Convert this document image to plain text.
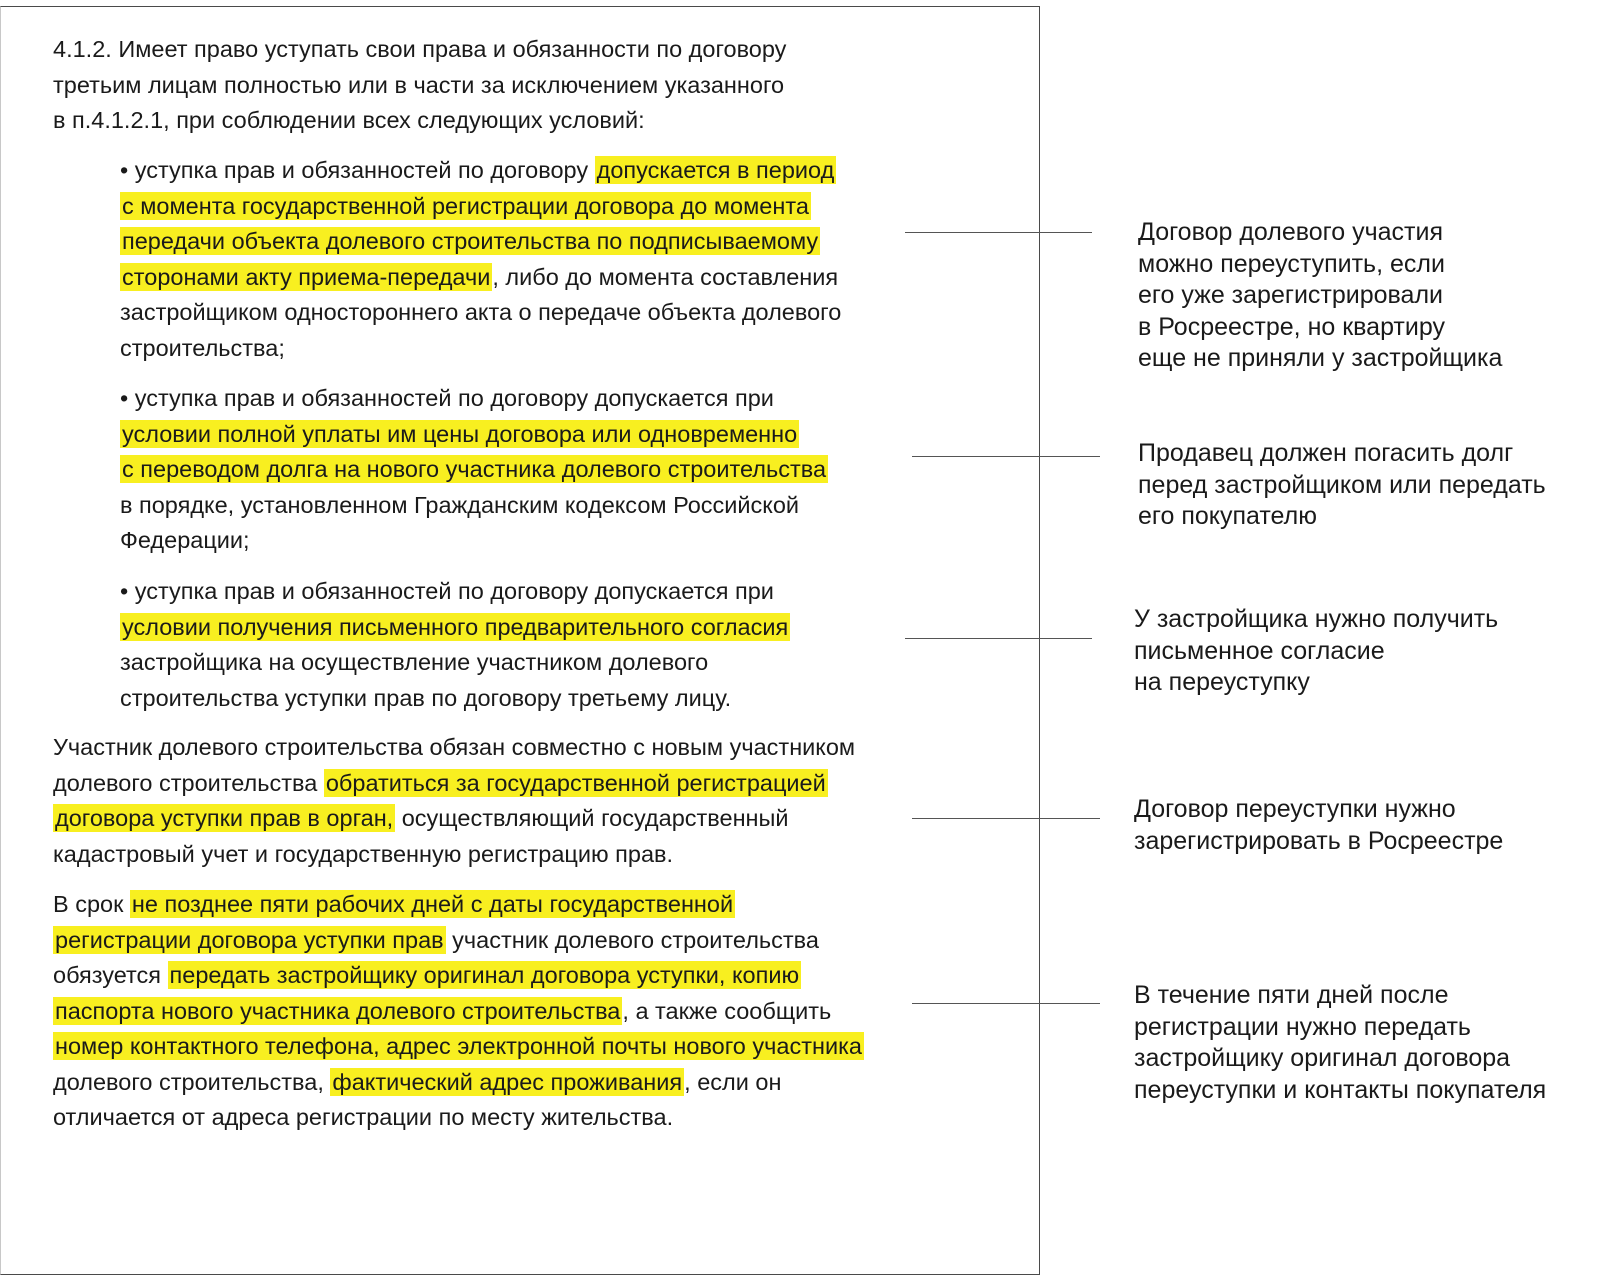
4.1.2. Имеет право уступать свои права и обязанности по договору
третьим лицам полностью или в части за исключением указанного
в п.4.1.2.1, при соблюдении всех следующих условий:
• уступка прав и обязанностей по договору допускается в период
с момента государственной регистрации договора до момента
передачи объекта долевого строительства по подписываемому
сторонами акту приема-передачи, либо до момента составления
застройщиком одностороннего акта о передаче объекта долевого
строительства;
• уступка прав и обязанностей по договору допускается при
условии полной уплаты им цены договора или одновременно
с переводом долга на нового участника долевого строительства
в порядке, установленном Гражданским кодексом Российской
Федерации;
• уступка прав и обязанностей по договору допускается при
условии получения письменного предварительного согласия
застройщика на осуществление участником долевого
строительства уступки прав по договору третьему лицу.
Участник долевого строительства обязан совместно с новым участником
долевого строительства обратиться за государственной регистрацией
договора уступки прав в орган, осуществляющий государственный
кадастровый учет и государственную регистрацию прав.
В срок не позднее пяти рабочих дней с даты государственной
регистрации договора уступки прав участник долевого строительства
обязуется передать застройщику оригинал договора уступки, копию
паспорта нового участника долевого строительства, а также сообщить
номер контактного телефона, адрес электронной почты нового участника
долевого строительства, фактический адрес проживания, если он
отличается от адреса регистрации по месту жительства.
Договор долевого участия
можно переуступить, если
его уже зарегистрировали
в Росреестре, но квартиру
еще не приняли у застройщика
Продавец должен погасить долг
перед застройщиком или передать
его покупателю
У застройщика нужно получить
письменное согласие
на переуступку
Договор переуступки нужно
зарегистрировать в Росреестре
В течение пяти дней после
регистрации нужно передать
застройщику оригинал договора
переуступки и контакты покупателя
